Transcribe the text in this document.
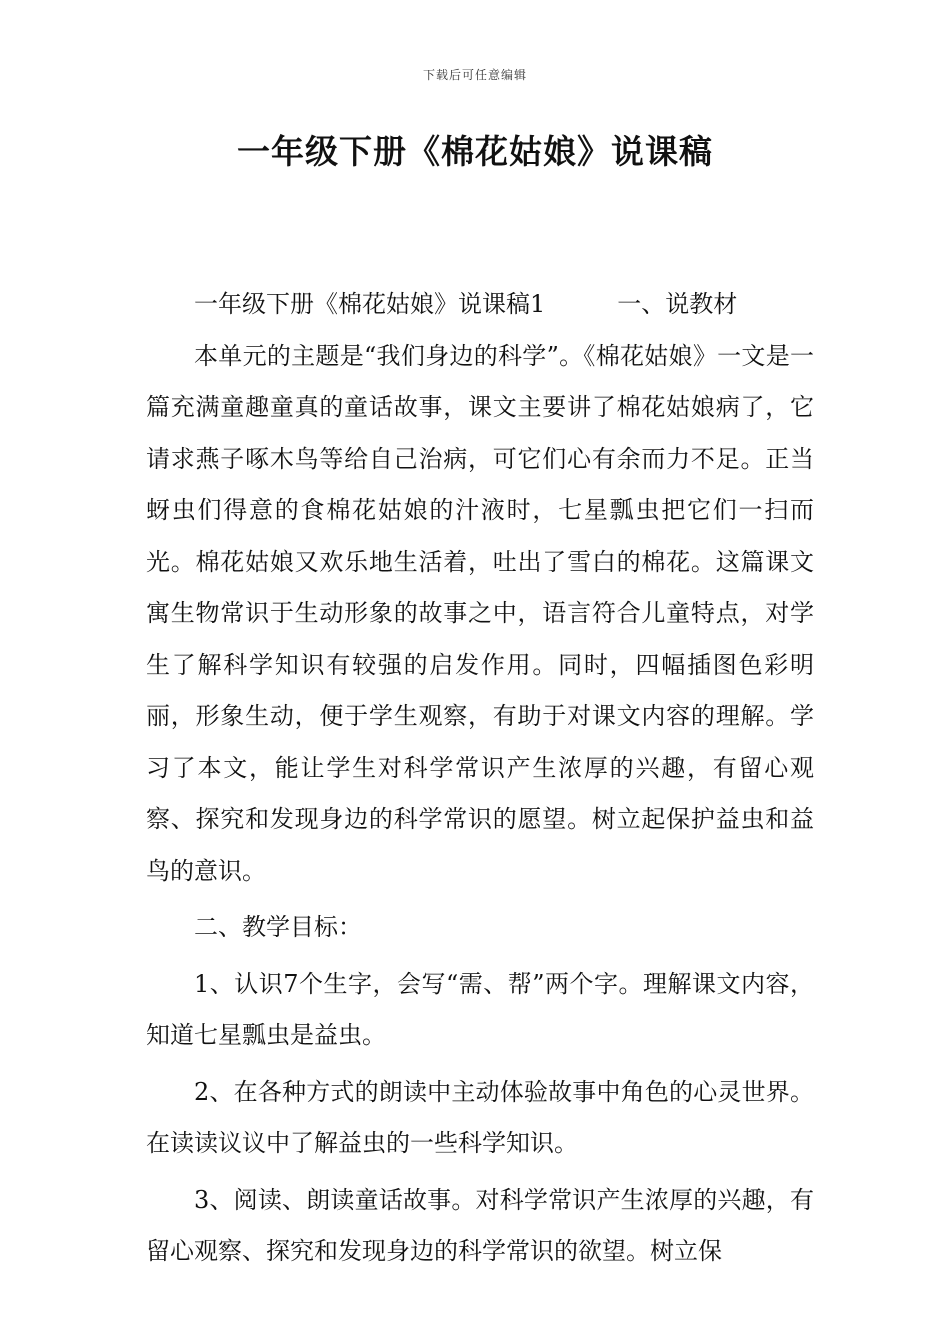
下载后可任意编辑
一年级下册《棉花姑娘》说课稿

一年级下册《棉花姑娘》说课稿1	一、说教材

本单元的主题是“我们身边的科学”。《棉花姑娘》一文是一篇充满童趣童真的童话故事，课文主要讲了棉花姑娘病了，它请求燕子啄木鸟等给自己治病，可它们心有余而力不足。正当蚜虫们得意的食棉花姑娘的汁液时，七星瓢虫把它们一扫而光。棉花姑娘又欢乐地生活着，吐出了雪白的棉花。这篇课文寓生物常识于生动形象的故事之中，语言符合儿童特点，对学生了解科学知识有较强的启发作用。同时，四幅插图色彩明丽，形象生动，便于学生观察，有助于对课文内容的理解。学习了本文，能让学生对科学常识产生浓厚的兴趣，有留心观察、探究和发现身边的科学常识的愿望。树立起保护益虫和益鸟的意识。

二、教学目标：

1、认识7个生字，会写“需、帮”两个字。理解课文内容，知道七星瓢虫是益虫。

2、在各种方式的朗读中主动体验故事中角色的心灵世界。在读读议议中了解益虫的一些科学知识。

3、阅读、朗读童话故事。对科学常识产生浓厚的兴趣，有留心观察、探究和发现身边的科学常识的欲望。树立保
